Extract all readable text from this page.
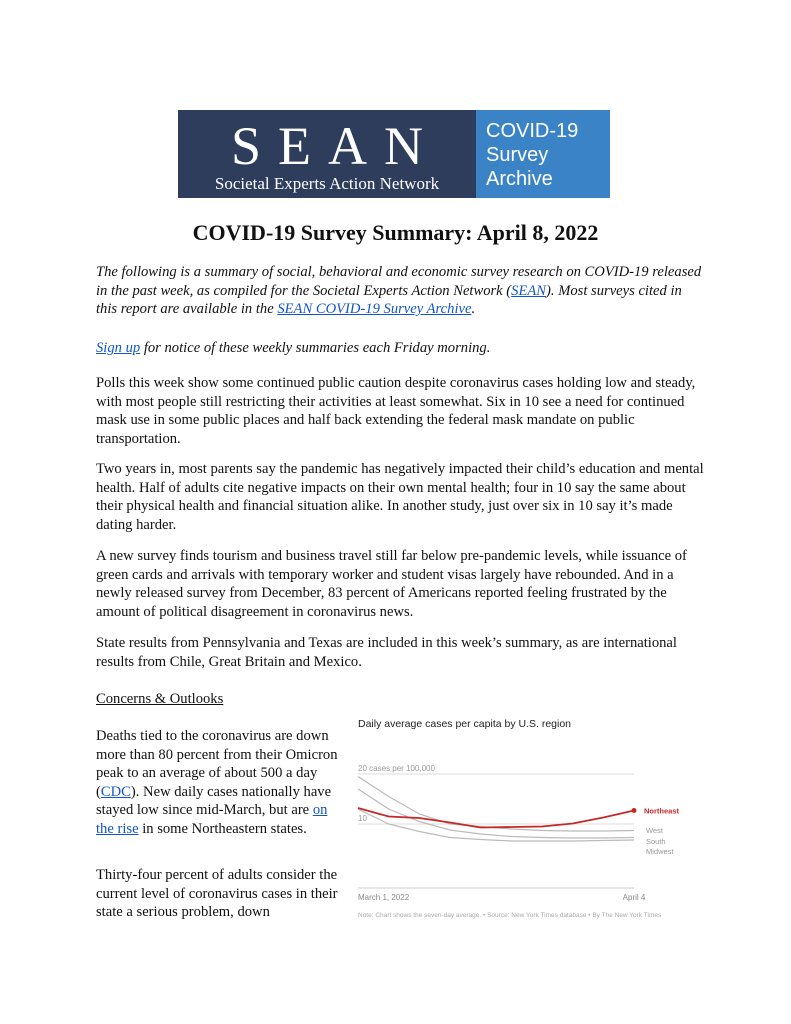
SEAN
Societal Experts Action Network
COVID-19
Survey
Archive
COVID-19 Survey Summary: April 8, 2022

The following is a summary of social, behavioral and economic survey research on COVID-19 released in the past week, as compiled for the Societal Experts Action Network (SEAN). Most surveys cited in this report are available in the SEAN COVID-19 Survey Archive.

Sign up for notice of these weekly summaries each Friday morning.

Polls this week show some continued public caution despite coronavirus cases holding low and steady, with most people still restricting their activities at least somewhat. Six in 10 see a need for continued mask use in some public places and half back extending the federal mask mandate on public transportation.

Two years in, most parents say the pandemic has negatively impacted their child’s education and mental health. Half of adults cite negative impacts on their own mental health; four in 10 say the same about their physical health and financial situation alike. In another study, just over six in 10 say it’s made dating harder.

A new survey finds tourism and business travel still far below pre-pandemic levels, while issuance of green cards and arrivals with temporary worker and student visas largely have rebounded. And in a newly released survey from December, 83 percent of Americans reported feeling frustrated by the amount of political disagreement in coronavirus news.

State results from Pennsylvania and Texas are included in this week’s summary, as are international results from Chile, Great Britain and Mexico.

Concerns & Outlooks

Deaths tied to the coronavirus are down more than 80 percent from their Omicron peak to an average of about 500 a day (CDC). New daily cases nationally have stayed low since mid-March, but are on the rise in some Northeastern states.

Thirty-four percent of adults consider the current level of coronavirus cases in their state a serious problem, down

Daily average cases per capita by U.S. region
20 cases per 100,000
10
Northeast
West
South
Midwest
March 1, 2022	April 4
Note: Chart shows the seven-day average. • Source: New York Times database • By The New York Times
